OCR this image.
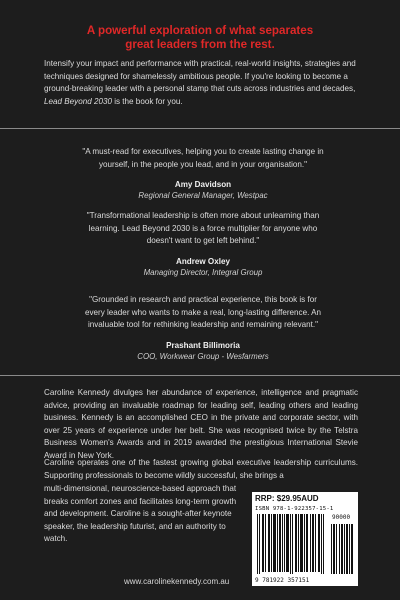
A powerful exploration of what separates
great leaders from the rest.
Intensify your impact and performance with practical, real-world insights, strategies and techniques designed for shamelessly ambitious people. If you're looking to become a ground-breaking leader with a personal stamp that cuts across industries and decades, Lead Beyond 2030 is the book for you.
"A must-read for executives, helping you to create lasting change in
yourself, in the people you lead, and in your organisation."
Amy Davidson
Regional General Manager, Westpac
"Transformational leadership is often more about unlearning than
learning. Lead Beyond 2030 is a force multiplier for anyone who
doesn't want to get left behind."
Andrew Oxley
Managing Director, Integral Group
"Grounded in research and practical experience, this book is for
every leader who wants to make a real, long-lasting difference. An
invaluable tool for rethinking leadership and remaining relevant."
Prashant Billimoria
COO, Workwear Group - Wesfarmers
Caroline Kennedy divulges her abundance of experience, intelligence and pragmatic advice, providing an invaluable roadmap for leading self, leading others and leading business. Kennedy is an accomplished CEO in the private and corporate sector, with over 25 years of experience under her belt. She was recognised twice by the Telstra Business Women's Awards and in 2019 awarded the prestigious International Stevie Award in New York.
Caroline operates one of the fastest growing global executive leadership curriculums. Supporting professionals to become wildly successful, she brings a
multi-dimensional, neuroscience-based approach that breaks comfort zones and facilitates long-term growth and development. Caroline is a sought-after keynote speaker, the leadership futurist, and an authority to watch.
www.carolinekennedy.com.au
RRP: $29.95AUD
ISBN 978-1-922357-15-1
90000
9 781922 357151
